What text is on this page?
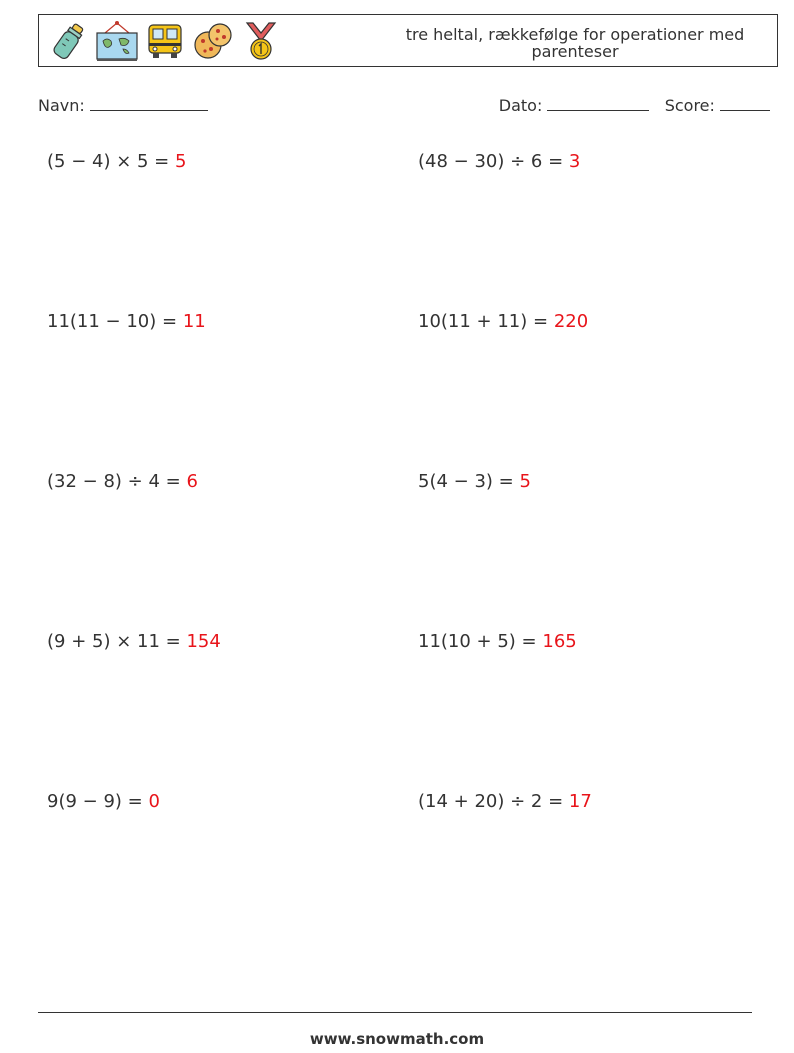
tre heltal, rækkefølge for operationer med parenteser
Navn:	Dato:	Score:
(5 − 4) × 5 = 5	(48 − 30) ÷ 6 = 3
11(11 − 10) = 11	10(11 + 11) = 220
(32 − 8) ÷ 4 = 6	5(4 − 3) = 5
(9 + 5) × 11 = 154	11(10 + 5) = 165
9(9 − 9) = 0	(14 + 20) ÷ 2 = 17
www.snowmath.com
